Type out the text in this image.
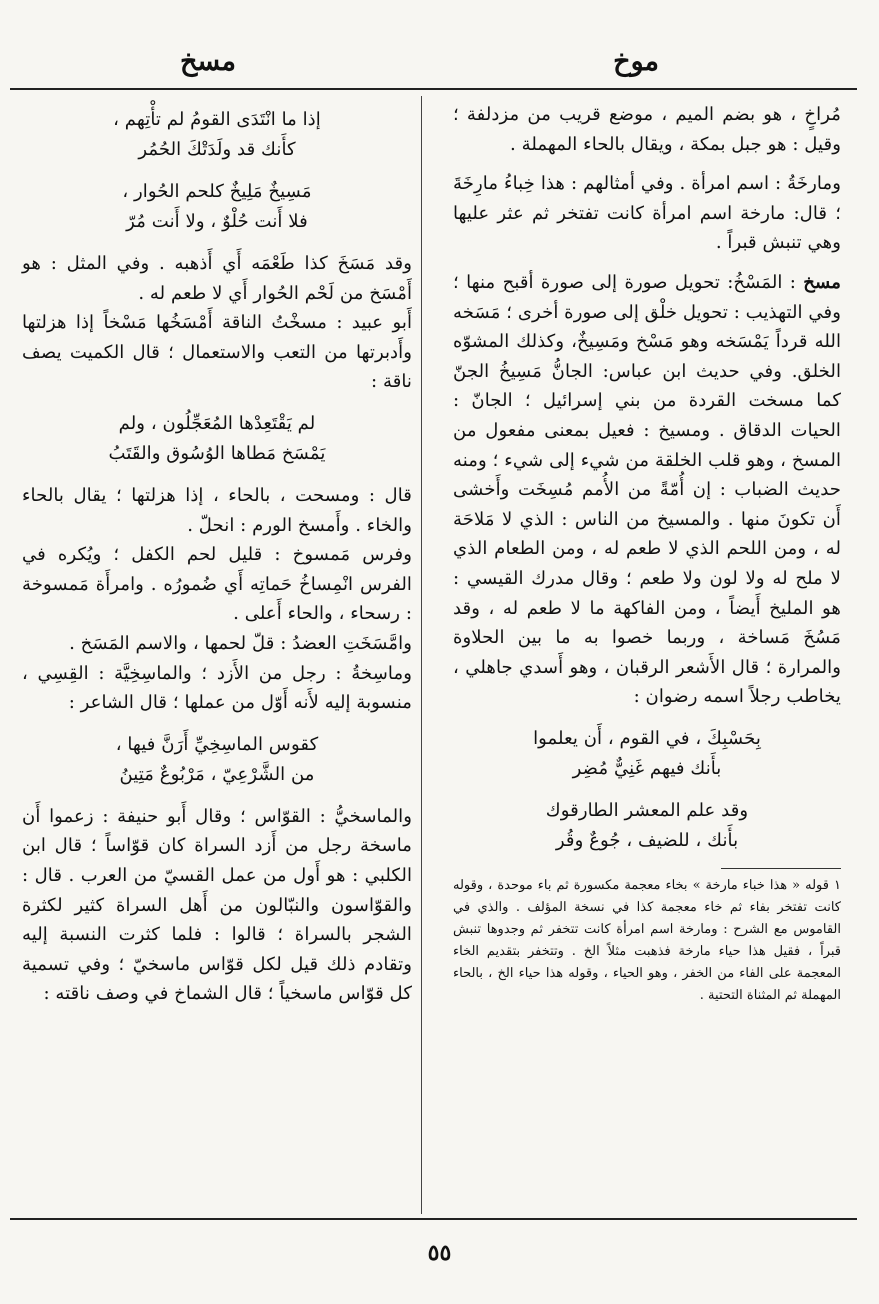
موخ
مسخ

مُراخٍ ، هو بضم الميم ، موضع قريب من مزدلفة ؛ وقيل : هو جبل بمكة ، ويقال بالحاء المهملة .

ومارخَةُ : اسم امرأة . وفي أمثالهم : هذا خِباءُ مارِخَةَ ؛ قال: مارخة اسم امرأة كانت تفتخر ثم عثر عليها وهي تنبش قبراً .

مسخ : المَسْخُ: تحويل صورة إلى صورة أقبح منها ؛ وفي التهذيب : تحويل خلْق إلى صورة أخرى ؛ مَسَخه الله قرداً يَمْسَخه وهو مَسْخ ومَسِيخٌ، وكذلك المشوّه الخلق. وفي حديث ابن عباس: الجانُّ مَسِيخُ الجنّ كما مسخت القردة من بني إسرائيل ؛ الجانّ : الحيات الدقاق . ومسيخ : فعيل بمعنى مفعول من المسخ ، وهو قلب الخلقة من شيء إلى شيء ؛ ومنه حديث الضباب : إن أُمّةً من الأُمم مُسِخَت وأَخشى أَن تكونَ منها . والمسيخ من الناس : الذي لا مَلاحَة له ، ومن اللحم الذي لا طعم له ، ومن الطعام الذي لا ملح له ولا لون ولا طعم ؛ وقال مدرك القيسي : هو المليخ أَيضاً ، ومن الفاكهة ما لا طعم له ، وقد مَسُخَ مَساخة ، وربما خصوا به ما بين الحلاوة والمرارة ؛ قال الأَشعر الرقبان ، وهو أَسدي جاهلي ، يخاطب رجلاً اسمه رضوان :

بِحَسْبِكَ ، في القوم ، أَن يعلموا
بأَنك فيهم غَنِيٌّ مُضِر
وقد علم المعشر الطارقوك
بأَنك ، للضيف ، جُوعٌ وقُر

١ قوله « هذا خباء مارخة » بخاء معجمة مكسورة ثم باء موحدة ، وقوله كانت تفتخر بفاء ثم خاء معجمة كذا في نسخة المؤلف . والذي في القاموس مع الشرح : ومارخة اسم امرأة كانت تتخفر ثم وجدوها تنبش قبراً ، فقيل هذا حياء مارخة فذهبت مثلاً الخ . وتتخفر بتقديم الخاء المعجمة على الفاء من الخفر ، وهو الحياء ، وقوله هذا حياء الخ ، بالحاء المهملة ثم المثناة التحتية .

إذا ما انْتَدَى القومُ لم تأْتِهم ،
كأَنك قد ولَدَتْكَ الحُمُر
مَسِيخٌ مَلِيخٌ كلحم الحُوار ،
فلا أَنت حُلْوٌ ، ولا أَنت مُرّ

وقد مَسَخَ كذا طَعْمَه أَي أَذهبه . وفي المثل : هو أَمْسَخ من لَحْم الحُوار أَي لا طعم له .

أَبو عبيد : مسخْتُ الناقة أَمْسَخُها مَسْخاً إذا هزلتها وأَدبرتها من التعب والاستعمال ؛ قال الكميت يصف ناقة :

لم يَقْتَعِدْها المُعَجِّلُون ، ولم
يَمْسَخ مَطاها الوُسُوق والقَتَبُ

قال : ومسحت ، بالحاء ، إذا هزلتها ؛ يقال بالحاء والخاء . وأَمسخ الورم : انحلّ .

وفرس مَمسوخ : قليل لحم الكفل ؛ ويُكره في الفرس انْمِساخُ حَماتِه أَي ضُمورُه . وامرأَة مَمسوخة : رسحاء ، والحاء أَعلى .

وامَّسَخَتِ العضدُ : قلّ لحمها ، والاسم المَسَخ .

وماسِخةُ : رجل من الأَزد ؛ والماسِخِيَّة : القِسِي ، منسوبة إليه لأَنه أَوّل من عملها ؛ قال الشاعر :

كقوس الماسِخِيِّ أَرَنَّ فيها ،
من الشَّرْعِيّ ، مَرْبُوعٌ مَتِينُ

والماسخيُّ : القوّاس ؛ وقال أَبو حنيفة : زعموا أَن ماسخة رجل من أَزد السراة كان قوّاساً ؛ قال ابن الكلبي : هو أَول من عمل القسيّ من العرب . قال : والقوّاسون والنبّالون من أَهل السراة كثير لكثرة الشجر بالسراة ؛ قالوا : فلما كثرت النسبة إليه وتقادم ذلك قيل لكل قوّاس ماسخيّ ؛ وفي تسمية كل قوّاس ماسخياً ؛ قال الشماخ في وصف ناقته :

٥٥
